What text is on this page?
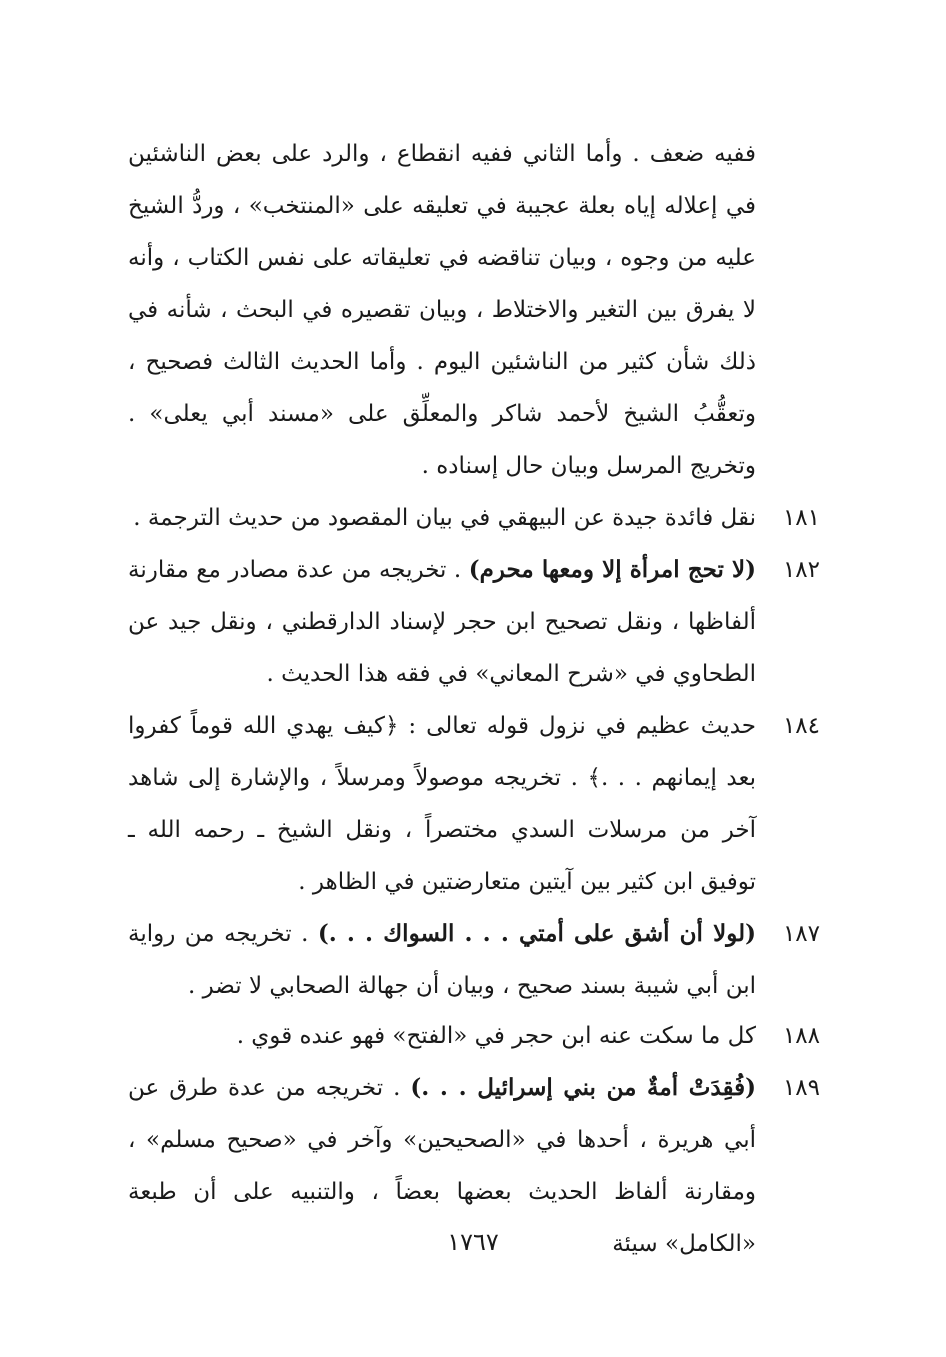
ففيه ضعف . وأما الثاني ففيه انقطاع ، والرد على بعض الناشئين في إعلاله إياه بعلة عجيبة في تعليقه على «المنتخب» ، وردُّ الشيخ عليه من وجوه ، وبيان تناقضه في تعليقاته على نفس الكتاب ، وأنه لا يفرق بين التغير والاختلاط ، وبيان تقصيره في البحث ، شأنه في ذلك شأن كثير من الناشئين اليوم . وأما الحديث الثالث فصحيح ، وتعقُّبُ الشيخ لأحمد شاكر والمعلِّق على «مسند أبي يعلى» . وتخريج المرسل وبيان حال إسناده .

١٨١
نقل فائدة جيدة عن البيهقي في بيان المقصود من حديث الترجمة .
١٨٢
(لا تحج امرأة إلا ومعها محرم) . تخريجه من عدة مصادر مع مقارنة ألفاظها ، ونقل تصحيح ابن حجر لإسناد الدارقطني ، ونقل جيد عن الطحاوي في «شرح المعاني» في فقه هذا الحديث .
١٨٤
حديث عظيم في نزول قوله تعالى : ﴿كيف يهدي الله قوماً كفروا بعد إيمانهم . . .﴾ . تخريجه موصولاً ومرسلاً ، والإشارة إلى شاهد آخر من مرسلات السدي مختصراً ، ونقل الشيخ ـ رحمه الله ـ توفيق ابن كثير بين آيتين متعارضتين في الظاهر .
١٨٧
(لولا أن أشق على أمتي . . . السواك . . .) . تخريجه من رواية ابن أبي شيبة بسند صحيح ، وبيان أن جهالة الصحابي لا تضر .
١٨٨
كل ما سكت عنه ابن حجر في «الفتح» فهو عنده قوي .
١٨٩
(فُقِدَتْ أمةٌ من بني إسرائيل . . .) . تخريجه من عدة طرق عن أبي هريرة ، أحدها في «الصحيحين» وآخر في «صحيح مسلم» ، ومقارنة ألفاظ الحديث بعضها بعضاً ، والتنبيه على أن طبعة «الكامل» سيئة
١٧٦٧
